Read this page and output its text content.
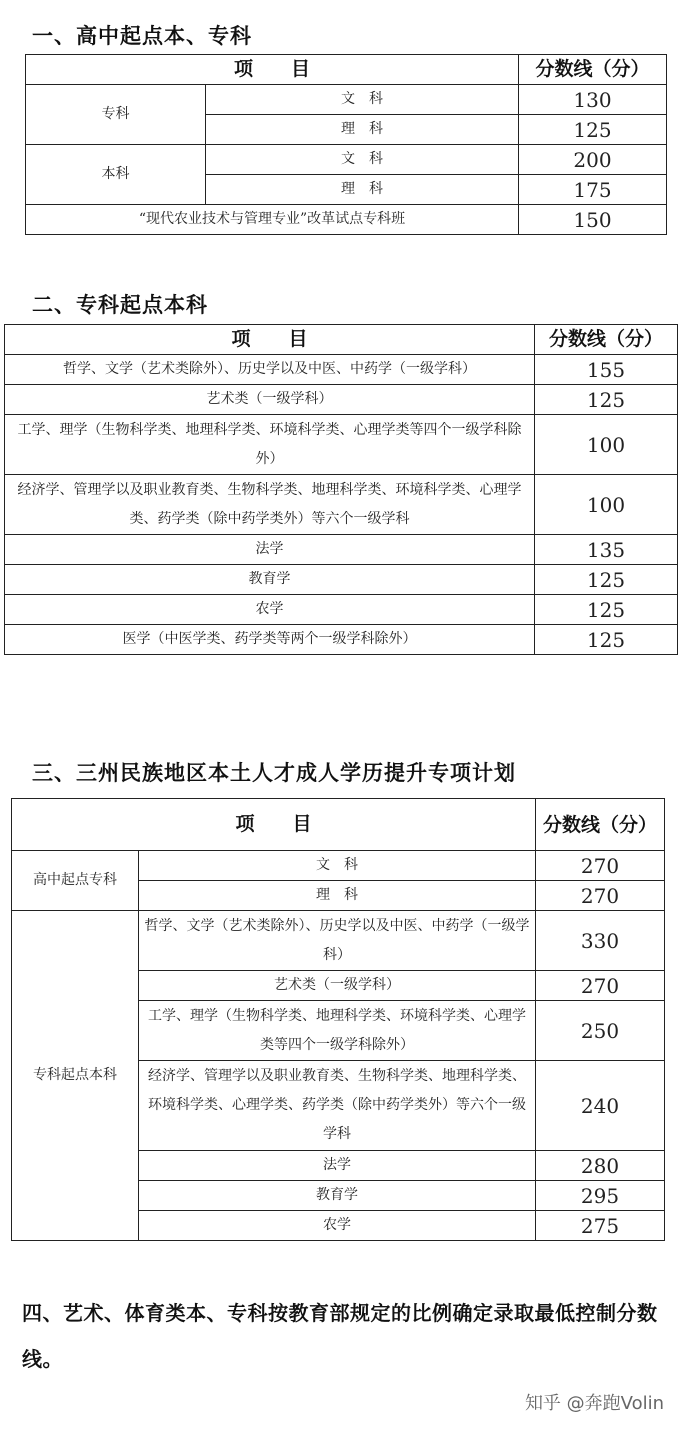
一、高中起点本、专科
项　　目		分数线（分）
专科	文　科	130
	理　科	125
本科	文　科	200
	理　科	175
“现代农业技术与管理专业”改革试点专科班		150
二、专科起点本科
项　　目	分数线（分）
哲学、文学（艺术类除外）、历史学以及中医、中药学（一级学科）	155
艺术类（一级学科）	125
工学、理学（生物科学类、地理科学类、环境科学类、心理学类等四个一级学科除外）	100
经济学、管理学以及职业教育类、生物科学类、地理科学类、环境科学类、心理学类、药学类（除中药学类外）等六个一级学科	100
法学	135
教育学	125
农学	125
医学（中医学类、药学类等两个一级学科除外）	125
三、三州民族地区本土人才成人学历提升专项计划
项　　目		分数线（分）
高中起点专科	文　科	270
	理　科	270
专科起点本科	哲学、文学（艺术类除外）、历史学以及中医、中药学（一级学科）	330
	艺术类（一级学科）	270
	工学、理学（生物科学类、地理科学类、环境科学类、心理学类等四个一级学科除外）	250
	经济学、管理学以及职业教育类、生物科学类、地理科学类、环境科学类、心理学类、药学类（除中药学类外）等六个一级学科	240
	法学	280
	教育学	295
	农学	275
四、艺术、体育类本、专科按教育部规定的比例确定录取最低控制分数线。
知乎 @奔跑Volin
